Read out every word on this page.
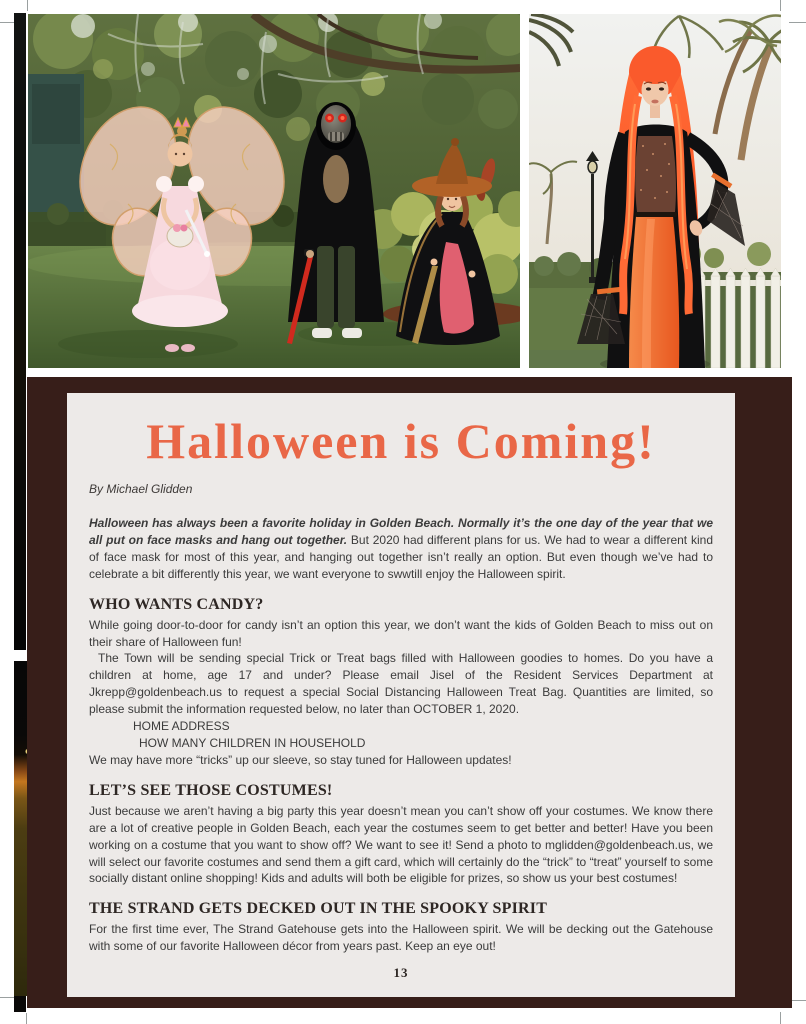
Halloween is Coming!
By Michael Glidden

Halloween has always been a favorite holiday in Golden Beach. Normally it’s the one day of the year that we all put on face masks and hang out together. But 2020 had different plans for us. We had to wear a different kind of face mask for most of this year, and hanging out together isn’t really an option. But even though we’ve had to celebrate a bit differently this year, we want everyone to swwtill enjoy the Halloween spirit.

WHO WANTS CANDY?

While going door-to-door for candy isn’t an option this year, we don’t want the kids of Golden Beach to miss out on their share of Halloween fun!

The Town will be sending special Trick or Treat bags filled with Halloween goodies to homes. Do you have a children at home, age 17 and under? Please email Jisel of the Resident Services Department at Jkrepp@goldenbeach.us to request a special Social Distancing Halloween Treat Bag. Quantities are limited, so please submit the information requested below, no later than OCTOBER 1, 2020.

HOME ADDRESS
HOW MANY CHILDREN IN HOUSEHOLD

We may have more “tricks” up our sleeve, so stay tuned for Halloween updates!

LET’S SEE THOSE COSTUMES!

Just because we aren’t having a big party this year doesn’t mean you can’t show off your costumes. We know there are a lot of creative people in Golden Beach, each year the costumes seem to get better and better! Have you been working on a costume that you want to show off? We want to see it! Send a photo to mglidden@goldenbeach.us, we will select our favorite costumes and send them a gift card, which will certainly do the “trick” to “treat” yourself to some socially distant online shopping! Kids and adults will both be eligible for prizes, so show us your best costumes!

THE STRAND GETS DECKED OUT IN THE SPOOKY SPIRIT

For the first time ever, The Strand Gatehouse gets into the Halloween spirit. We will be decking out the Gatehouse with some of our favorite Halloween décor from years past. Keep an eye out!

13
